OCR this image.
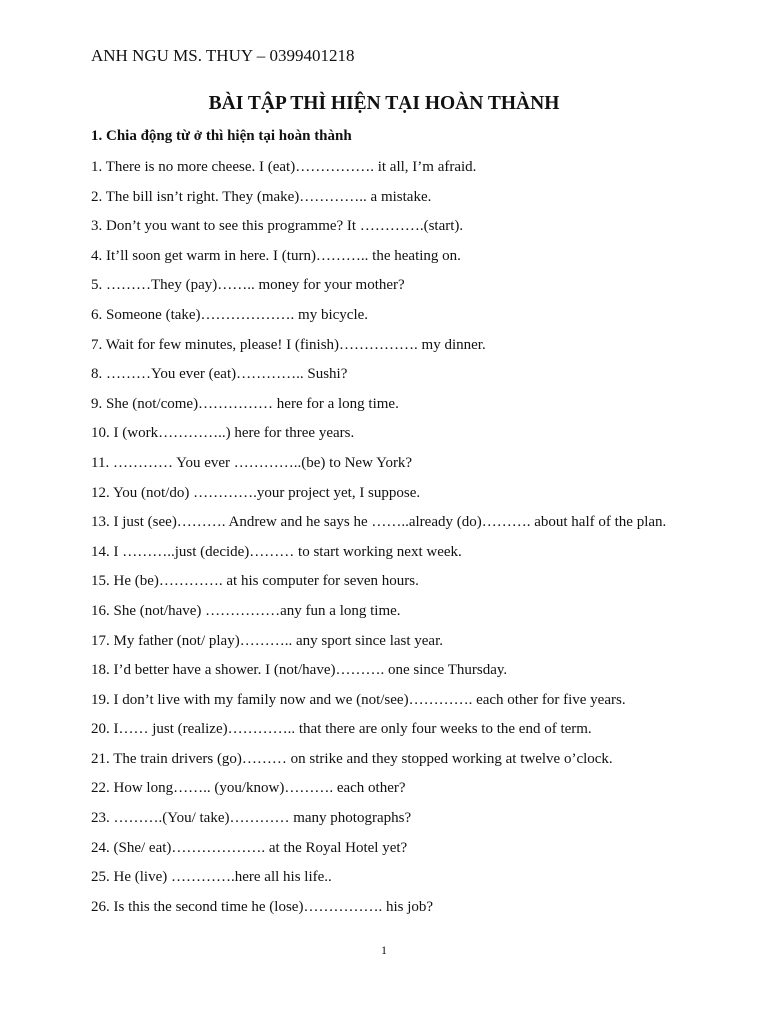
ANH NGU MS. THUY – 0399401218
BÀI TẬP THÌ HIỆN TẠI HOÀN THÀNH
1. Chia động từ ở thì hiện tại hoàn thành
1. There is no more cheese. I (eat)……………. it all, I’m afraid.
2. The bill isn’t right. They (make)………….. a mistake.
3. Don’t you want to see this programme? It ………….(start).
4. It’ll soon get warm in here. I (turn)……….. the heating on.
5. ………They (pay)…….. money for your mother?
6. Someone (take)………………. my bicycle.
7. Wait for few minutes, please! I (finish)……………. my dinner.
8. ………You ever (eat)………….. Sushi?
9. She (not/come)…………… here for a long time.
10. I (work…………..) here for three years.
11. ………… You ever …………..(be) to New York?
12. You (not/do) ………….your project yet, I suppose.
13. I just (see)………. Andrew and he says he ……..already (do)………. about half of the plan.
14. I ………..just (decide)……… to start working next week.
15. He (be)…………. at his computer for seven hours.
16. She (not/have) ……………any fun a long time.
17. My father (not/ play)……….. any sport since last year.
18. I’d better have a shower. I (not/have)………. one since Thursday.
19. I don’t live with my family now and we (not/see)…………. each other for five years.
20. I…… just (realize)………….. that there are only four weeks to the end of term.
21. The train drivers (go)……… on strike and they stopped working at twelve o’clock.
22. How long…….. (you/know)………. each other?
23. ……….(You/ take)………… many photographs?
24. (She/ eat)………………. at the Royal Hotel yet?
25. He (live) ………….here all his life..
26. Is this the second time he (lose)……………. his job?
1
